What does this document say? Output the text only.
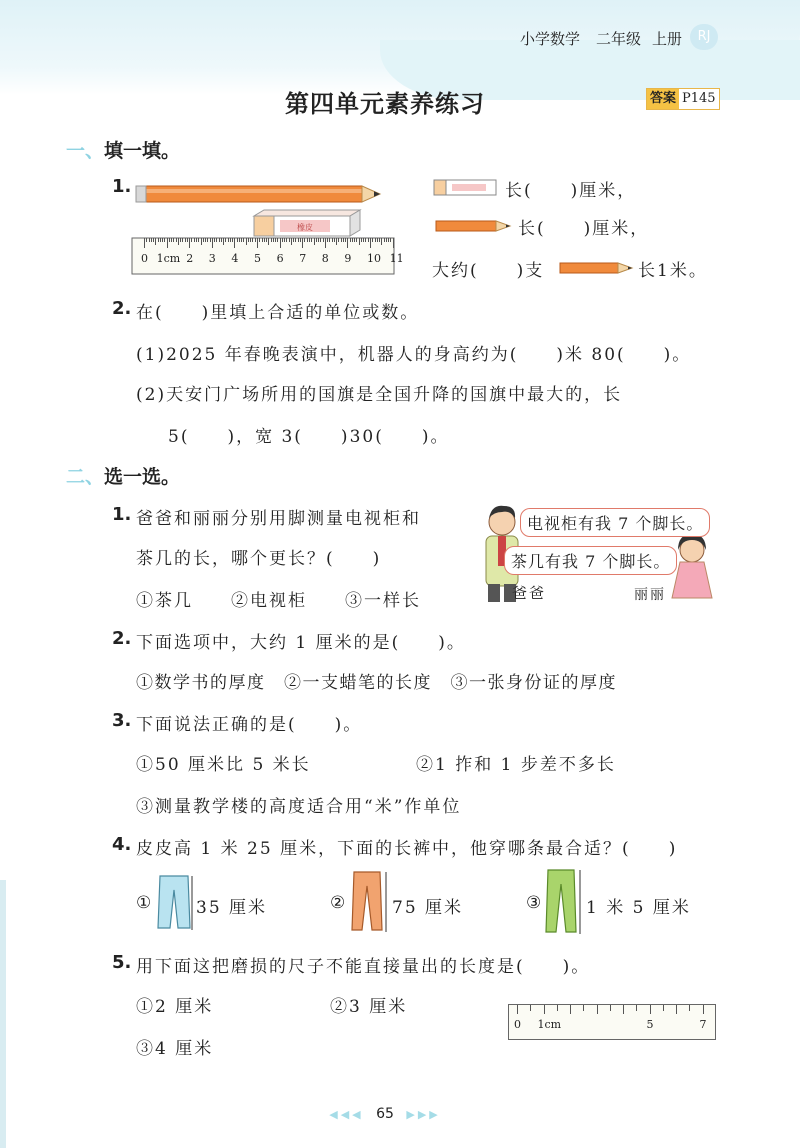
小学数学 二年级 上册	RJ
第四单元素养练习	答案 P145
一、填一填。
1.
橡皮
0 1cm 2 3 4 5 6 7 8 9 10 11
长(　　)厘米，
长(　　)厘米，
大约(　　)支	长1米。
2. 在(　　)里填上合适的单位或数。
(1)2025 年春晚表演中，机器人的身高约为(　　)米 80(　　)。
(2)天安门广场所用的国旗是全国升降的国旗中最大的，长
5(　　)，宽 3(　　)30(　　)。
二、选一选。
1. 爸爸和丽丽分别用脚测量电视柜和
茶几的长，哪个更长？(　　)
①茶几　　②电视柜　　③一样长
电视柜有我 7 个脚长。
茶几有我 7 个脚长。
爸爸	丽丽
2. 下面选项中，大约 1 厘米的是(　　)。
①数学书的厚度　②一支蜡笔的长度　③一张身份证的厚度
3. 下面说法正确的是(　　)。
①50 厘米比 5 米长	②1 拃和 1 步差不多长
③测量教学楼的高度适合用“米”作单位
4. 皮皮高 1 米 25 厘米，下面的长裤中，他穿哪条最合适？(　　)
①	35 厘米	②	75 厘米	③	1 米 5 厘米
5. 用下面这把磨损的尺子不能直接量出的长度是(　　)。
①2 厘米	②3 厘米
③4 厘米
0 1cm	5	7
◀◀◀ 65 ▶▶▶
